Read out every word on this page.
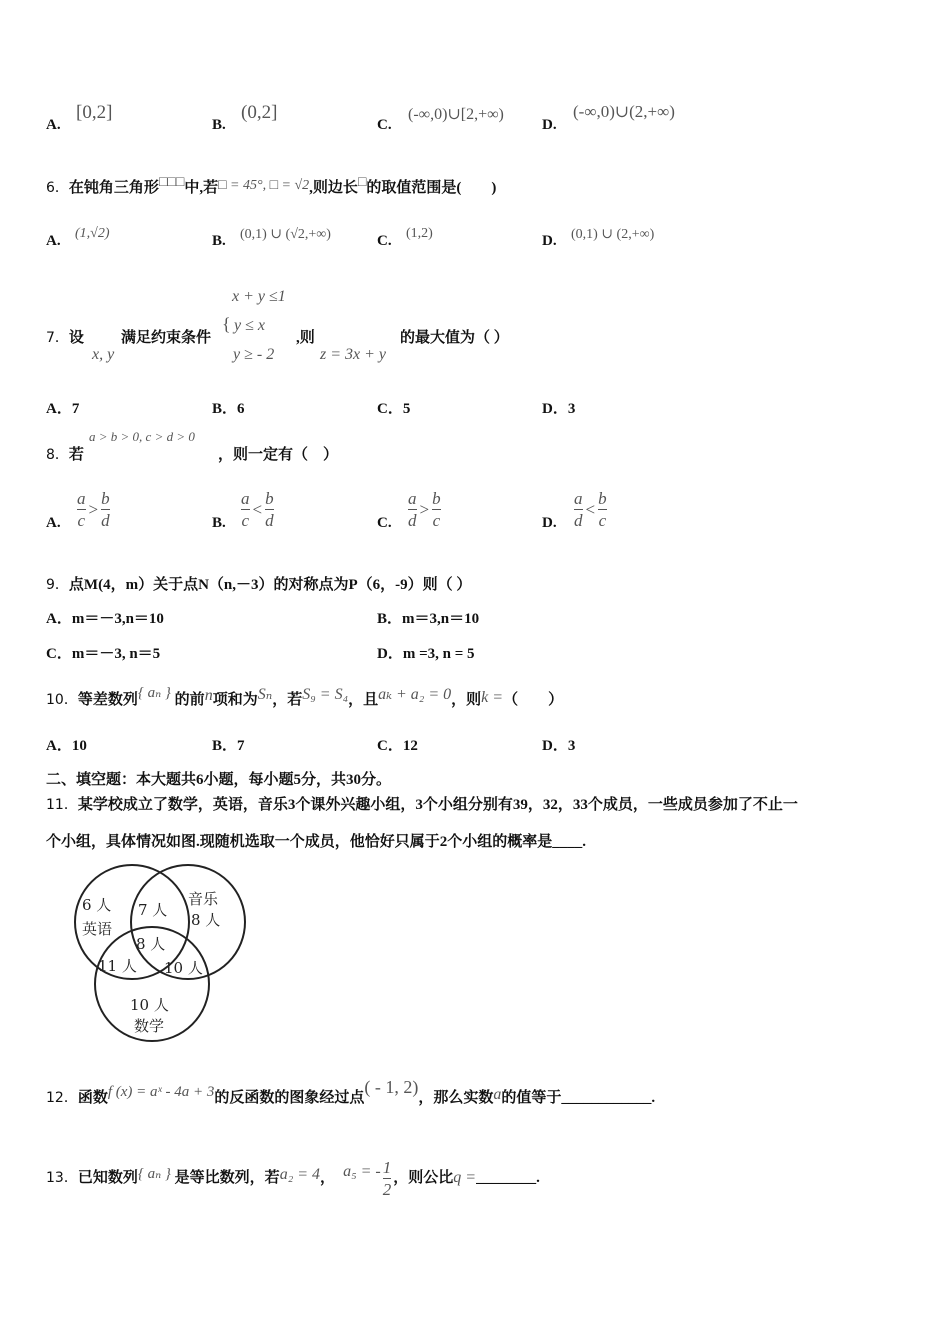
A.
[0,2]
B.
(0,2]
C.
(-∞,0)∪[2,+∞)
D.
(-∞,0)∪(2,+∞)
6．在钝角三角形□□□中,若□ = 45°, □ = √2,则边长□的取值范围是(　　)
A. (1,√2)	B. (0,1) ∪ (√2,+∞)	C. (1,2)	D. (0,1) ∪ (2,+∞)
7．设
x, y
满足约束条件
x + y ≤1
{ y ≤ x
y ≥ - 2
,则
z = 3x + y
的最大值为（ ）
A．7	B．6	C．5	D．3
8．若
a > b > 0, c > d > 0
，则一定有（　）
A. $\frac{a}{c} > \frac{b}{d}$	B. $\frac{a}{c} < \frac{b}{d}$	C. $\frac{a}{d} > \frac{b}{c}$	D. $\frac{a}{d} < \frac{b}{c}$
9．点M(4，m）关于点N（n,－3）的对称点为P（6，-9）则（ ）
A．m＝－3,n＝10	B．m＝3,n＝10
C．m＝－3, n＝5	D．m =3, n = 5
10．等差数列{ aₙ } 的前n项和为Sₙ，若S₉ = S₄，且aₖ + a₂ = 0，则k =（　　）
A．10	B．7	C．12	D．3
二、填空题：本大题共6小题，每小题5分，共30分。
11．某学校成立了数学，英语，音乐3个课外兴趣小组，3个小组分别有39，32，33个成员，一些成员参加了不止一
个小组，具体情况如图.现随机选取一个成员，他恰好只属于2个小组的概率是____.
6 人
英语
7 人
音乐
8 人
8 人
11 人 10 人
10 人
数学
12．函数f (x) = aˣ - 4a + 3的反函数的图象经过点( - 1, 2)，那么实数a的值等于____________.
13．已知数列{ aₙ } 是等比数列，若a₂ = 4， a₅ = - $\frac{1}{2}$ ，则公比q =________.
